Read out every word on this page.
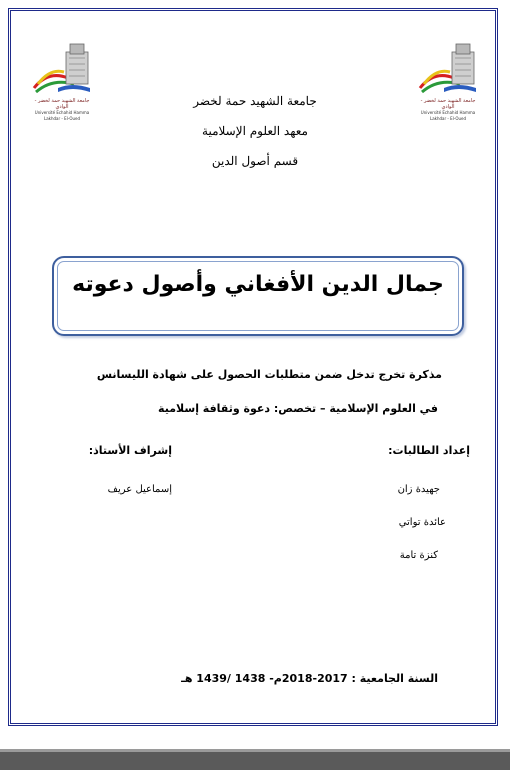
جامعة الشهيد حمة لخضر - الوادي
Université Echahid Hamma Lakhdar - El-Oued
جامعة الشهيد حمة لخضر - الوادي
Université Echahid Hamma Lakhdar - El-Oued
جامعة الشهيد حمة لخضر
معهد العلوم الإسلامية
قسم أصول الدين
جمال الدين الأفغاني وأصول دعوته
مذكرة تخرج تدخل ضمن متطلبات الحصول على شهادة الليسانس
في العلوم الإسلامية – تخصص: دعوة وثقافة إسلامية
إعداد الطالبات:
جهيدة زان
عائدة تواتي
كنزة تامة
إشراف الأستاذ:
إسماعيل عريف
السنة الجامعية : 2017-2018م- 1438 /1439 هـ
